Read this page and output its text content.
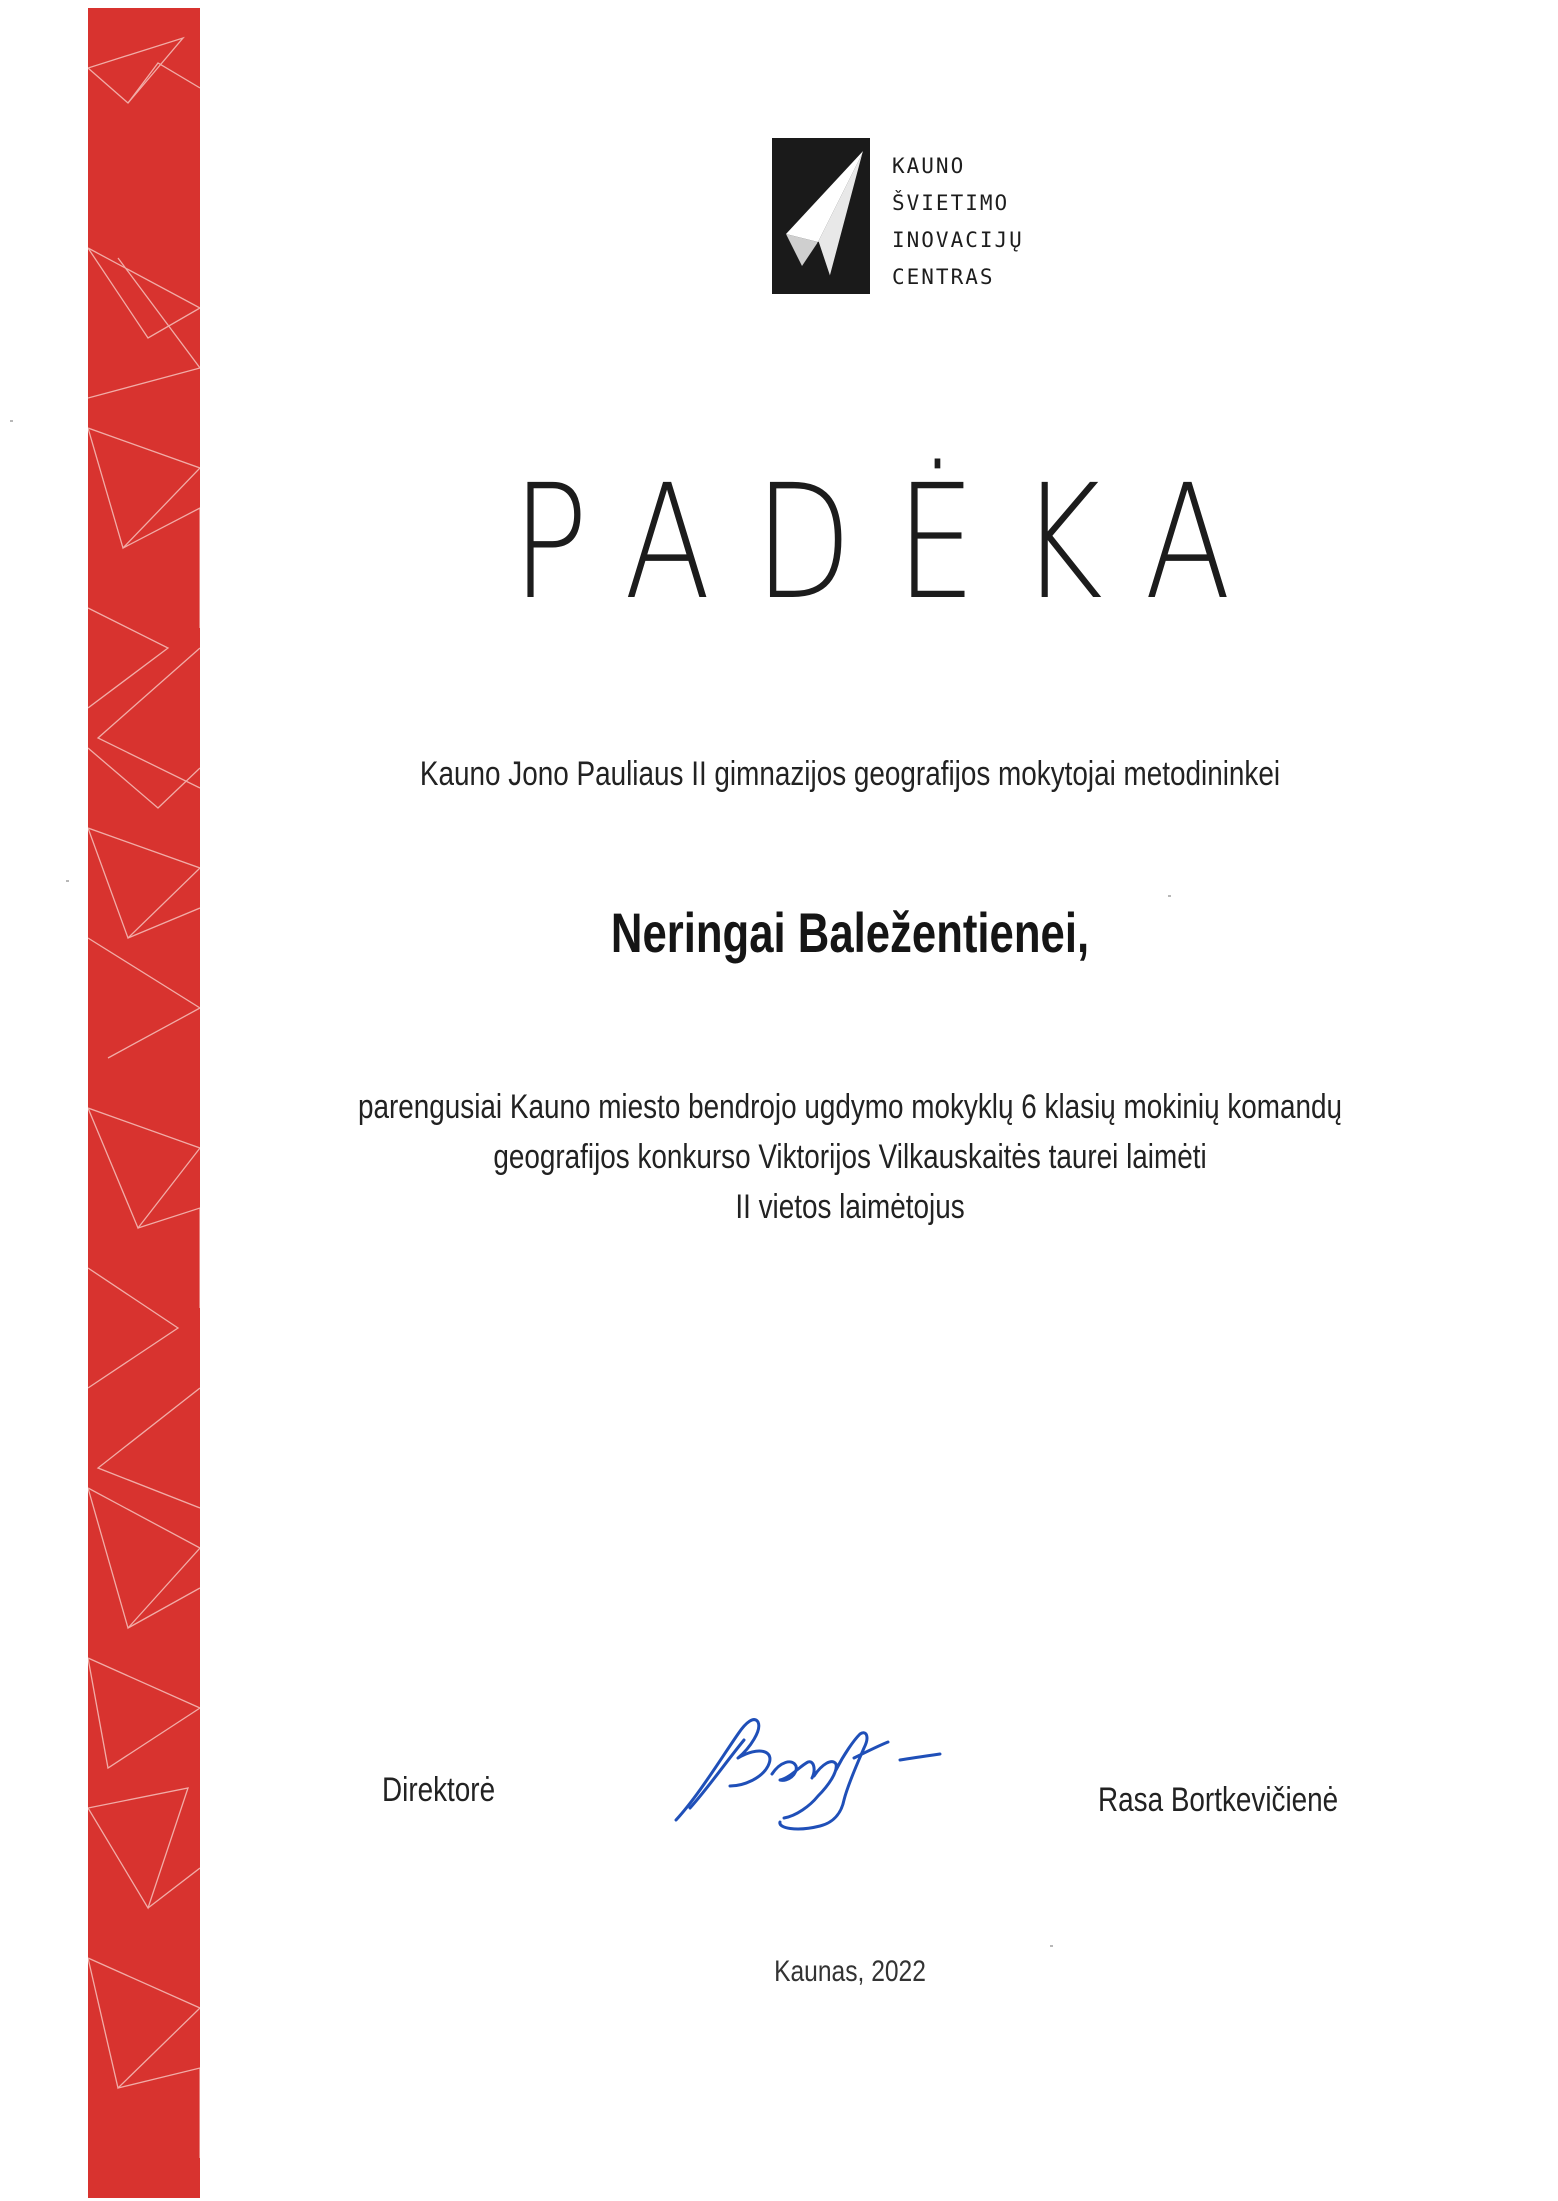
KAUNO
ŠVIETIMO
INOVACIJŲ
CENTRAS
PADĖKA
Kauno Jono Pauliaus II gimnazijos geografijos mokytojai metodininkei
Neringai Baležentienei,
parengusiai Kauno miesto bendrojo ugdymo mokyklų 6 klasių mokinių komandų
geografijos konkurso Viktorijos Vilkauskaitės taurei laimėti
II vietos laimėtojus
Direktorė	Rasa Bortkevičienė
Kaunas, 2022
